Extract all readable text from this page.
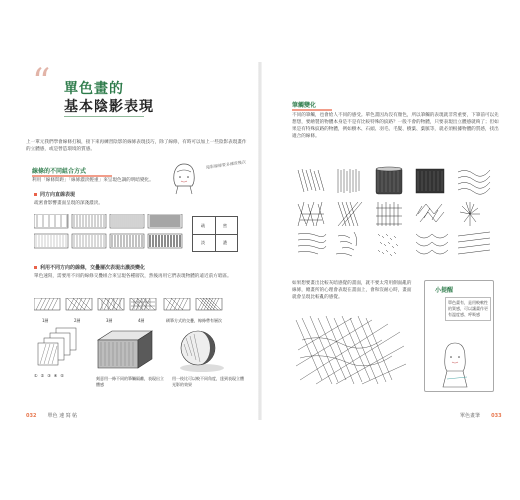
“ 單色畫的
基本陰影表現
上一單元我們學會線條打稿，接下來再練習陰影的線條表現技巧，除了線條，有時可以加上一些陰影表現畫作的立體感，或是營造環境的質感。
線條的不同組合方式
利用「線條間距」「線條濃淡輕重」來呈現色調的明暗變化。
陰影線條要多練習幾次
同方向直線表現
疏密會影響畫面呈現的深淺濃淡。
疏	密
淡	濃
利用不同方向的線條，交疊層次表現出濃淡變化
單色速寫，需要用不同的線條交疊組合來呈現各種層次，然後再用它們表現物體的遠近前方暗區。
1層	2層	3層	4層	刷筆方式的交疊，線條帶有層次
①②③④⑤
刻意用一條不同的筆觸隔離，表現出立體感
用一枝比可以較不同角度，達到表現立體光影的效果
032 單色 速 寫 帖
筆觸變化
不同的筆觸，也會給人不同的感受。單色畫因為沒有顏色，所以筆觸的表現就非常重要，下筆前可以先想想，要繪製的物體本身是不是有比較特殊的紋路？一般不會的物體，只要表現出立體感就夠了；但如果是有特殊紋路的物體，例如樹木、石頭、羽毛、毛髮、樹葉、葉脈等，就必須根據物體的質感，找出適合的線條。
如果想要畫出比較灰暗感覺的畫面，就不要太常用側面亂的線條，總畫所的心理會表現在畫面上，會和沒耐心時，畫面就會呈現比較亂的感覺。
小提醒
單色畫有，是用較軟性的質感，可以讓畫作更有溫度感、呼吸感
單色畫筆 033
